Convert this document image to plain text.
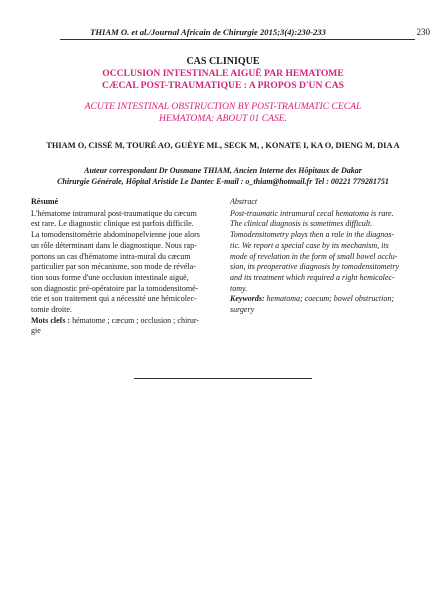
THIAM O. et al./Journal Africain de Chirurgie 2015;3(4):230-233	230
CAS CLINIQUE
OCCLUSION INTESTINALE AIGUË PAR HEMATOME
CÆCAL POST-TRAUMATIQUE : A PROPOS D'UN CAS
ACUTE INTESTINAL OBSTRUCTION BY POST-TRAUMATIC CECAL
HEMATOMA: ABOUT 01 CASE.
THIAM O, CISSÉ M, TOURÉ AO, GUÈYE ML, SECK M, , KONATE I, KA O, DIENG M, DIA A
Auteur correspondant Dr Ousmane THIAM, Ancien Interne des Hôpitaux de Dakar
Chirurgie Générale, Hôpital Aristide Le Dantec E-mail : o_thiam@hotmail.fr Tel : 00221 779281751
Résumé

L'hématome intramural post-traumatique du cæcum
est rare. Le diagnostic clinique est parfois difficile.
La tomodensitométrie abdominopelvienne joue alors
un rôle déterminant dans le diagnostique. Nous rap-
portons un cas d'hématome intra-mural du cæcum
particulier par son mécanisme, son mode de révéla-
tion sous forme d'une occlusion intestinale aiguë,
son diagnostic pré-opératoire par la tomodensitomé-
trie et son traitement qui a nécessité une hémicolec-
tomie droite.

Mots clefs : hématome ; cæcum ; occlusion ; chirur-
gie

Abstract

Post-traumatic intramural cecal hematoma is rare.
The clinical diagnosis is sometimes difficult.
Tomodensitometry plays then a role in the diagnos-
tic. We report a special case by its mechanism, its
mode of revelation in the form of small bowel occlu-
sion, its preoperative diagnosis by tomodensitometry
and its treatment which required a right hemicolec-
tomy.

Keywords: hematoma; coecum; bowel obstruction;
surgery
